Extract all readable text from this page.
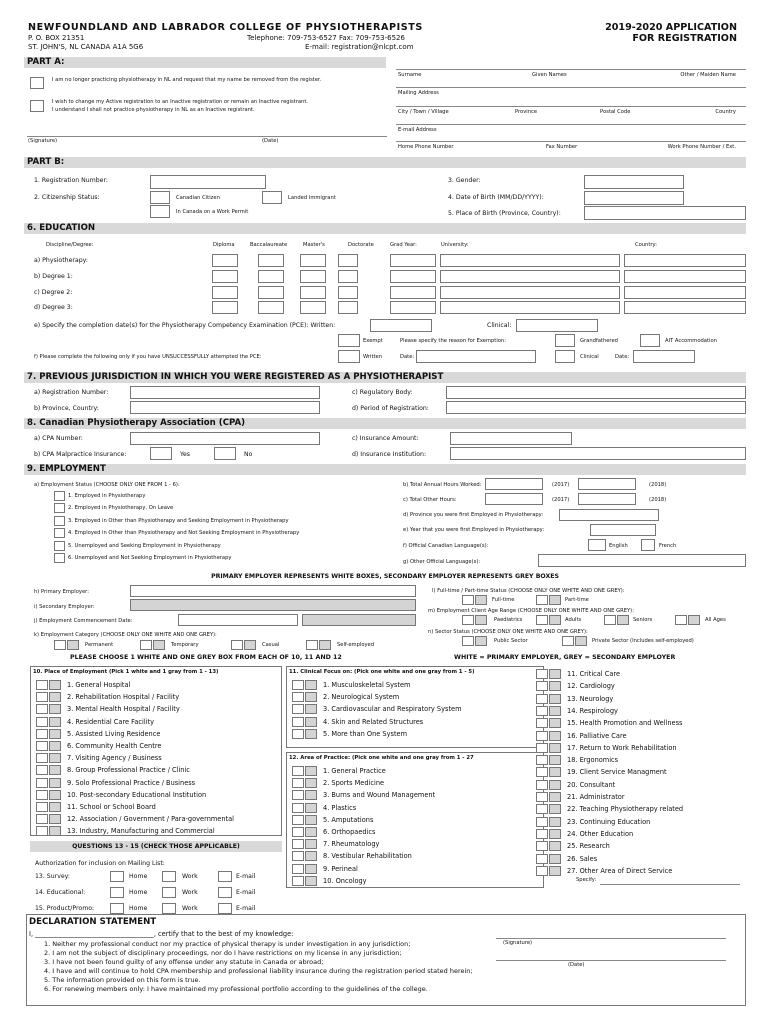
NEWFOUNDLAND AND LABRADOR COLLEGE OF PHYSIOTHERAPISTS
P. O. BOX 21351
ST. JOHN'S, NL CANADA A1A 5G6
Telephone: 709-753-6527 Fax: 709-753-6526
E-mail: registration@nlcpt.com
2019-2020 APPLICATION
FOR REGISTRATION
PART A:
I am no longer practicing physiotherapy in NL and request that my name be removed from the register.
I wish to change my Active registration to an Inactive registration or remain an Inactive registrant.
I understand I shall not practice physiotherapy in NL as an Inactive registrant.
(Signature)	(Date)
Surname	Given Names	Other / Maiden Name
Mailing Address
City / Town / Village	Province	Postal Code	Country
E-mail Address
Home Phone Number	Fax Number	Work Phone Number / Ext.
PART B:
1. Registration Number:
2. Citizenship Status:	Canadian Citizen	Landed Immigrant
In Canada on a Work Permit
3. Gender:
4. Date of Birth (MM/DD/YYYY):
5. Place of Birth (Province, Country):
6. EDUCATION
Discipline/Degree:	Diploma	Baccalaureate	Master's	Doctorate	Grad Year:	University:	Country:
a) Physiotherapy:
b) Degree 1:
c) Degree 2:
d) Degree 3:
e) Specify the completion date(s) for the Physiotherapy Competency Examination (PCE): Written:	Clinical:
Exempt	Please specify the reason for Exemption:	Grandfathered	AIT Accommodation
f) Please complete the following only if you have UNSUCCESSFULLY attempted the PCE:	Written	Date:	Clinical	Date:
7. PREVIOUS JURISDICTION IN WHICH YOU WERE REGISTERED AS A PHYSIOTHERAPIST
a) Registration Number:
b) Province, Country:
c) Regulatory Body:
d) Period of Registration:
8. Canadian Physiotherapy Association (CPA)
a) CPA Number:
b) CPA Malpractice Insurance:	Yes	No
c) Insurance Amount:
d) Insurance Institution:
9. EMPLOYMENT
a) Employment Status (CHOOSE ONLY ONE FROM 1 - 6):	b) Total Annual Hours Worked:	(2017)	(2018)
c) Total Other Hours:	(2017)	(2018)
d) Province you were first Employed in Physiotherapy:
e) Year that you were first Employed in Physiotherapy:
f) Official Canadian Language(s):	English	French
g) Other Official Language(s):
PRIMARY EMPLOYER REPRESENTS WHITE BOXES, SECONDARY EMPLOYER REPRESENTS GREY BOXES
h) Primary Employer:
i) Secondary Employer:
j) Employment Commencement Date:
k) Employment Category (CHOOSE ONLY ONE WHITE AND ONE GREY):
Permanent	Temporary	Casual	Self-employed
l) Full-time / Part-time Status (CHOOSE ONLY ONE WHITE AND ONE GREY):
Full-time	Part-time
m) Employment Client Age Range (CHOOSE ONLY ONE WHITE AND ONE GREY):
Paediatrics	Adults	Seniors	All Ages
n) Sector Status (CHOOSE ONLY ONE WHITE AND ONE GREY):
Public Sector	Private Sector (Includes self-employed)
PLEASE CHOOSE 1 WHITE AND ONE GREY BOX FROM EACH OF 10, 11 AND 12	WHITE = PRIMARY EMPLOYER, GREY = SECONDARY EMPLOYER
10. Place of Employment (Pick 1 white and 1 gray from 1 - 13)	11. Clinical Focus on: (Pick one white and one gray from 1 - 5)
12. Area of Practice: (Pick one white and one gray from 1 - 27
Specify:
QUESTIONS 13 - 15 (CHECK THOSE APPLICABLE)
Authorization for inclusion on Mailing List:
DECLARATION STATEMENT
I, ____________________________________, certify that to the best of my knowledge:
(Signature)
(Date)
1. Employed in Physiotherapy
2. Employed in Physiotherapy, On Leave
3. Employed in Other than Physiotherapy and Seeking Employment in Physiotherapy
4. Employed in Other than Physiotherapy and Not Seeking Employment in Physiotherapy
5. Unemployed and Seeking Employment in Physiotherapy
6. Unemployed and Not Seeking Employment in Physiotherapy
1. General Hospital
2. Rehabilitation Hospital / Facility
3. Mental Health Hospital / Facility
4. Residential Care Facility
5. Assisted Living Residence
6. Community Health Centre
7. Visiting Agency / Business
8. Group Professional Practice / Clinic
9. Solo Professional Practice / Business
10. Post-secondary Educational Institution
11. School or School Board
12. Association / Government / Para-governmental
13. Industry, Manufacturing and Commercial
1. Musculoskeletal System
2. Neurological System
3. Cardiovascular and Respiratory System
4. Skin and Related Structures
5. More than One System
1. General Practice
2. Sports Medicine
3. Burns and Wound Management
4. Plastics
5. Amputations
6. Orthopaedics
7. Rheumatology
8. Vestibular Rehabilitation
9. Perineal
10. Oncology
11. Critical Care
12. Cardiology
13. Neurology
14. Respirology
15. Health Promotion and Wellness
16. Palliative Care
17. Return to Work Rehabilitation
18. Ergonomics
19. Client Service Managment
20. Consultant
21. Administrator
22. Teaching Physiotherapy related
23. Continuing Education
24. Other Education
25. Research
26. Sales
27. Other Area of Direct Service
13. Survey:	Home	Work	E-mail
14. Educational:	Home	Work	E-mail
15. Product/Promo:	Home	Work	E-mail
1. Neither my professional conduct nor my practice of physical therapy is under investigation in any jurisdiction;
2. I am not the subject of disciplinary proceedings, nor do I have restrictions on my license in any jurisdiction;
3. I have not been found guilty of any offense under any statute in Canada or abroad;
4. I have and will continue to hold CPA membership and professional liability insurance during the registration period stated herein;
5. The information provided on this form is true.
6. For renewing members only: I have maintained my professional portfolio according to the guidelines of the college.
